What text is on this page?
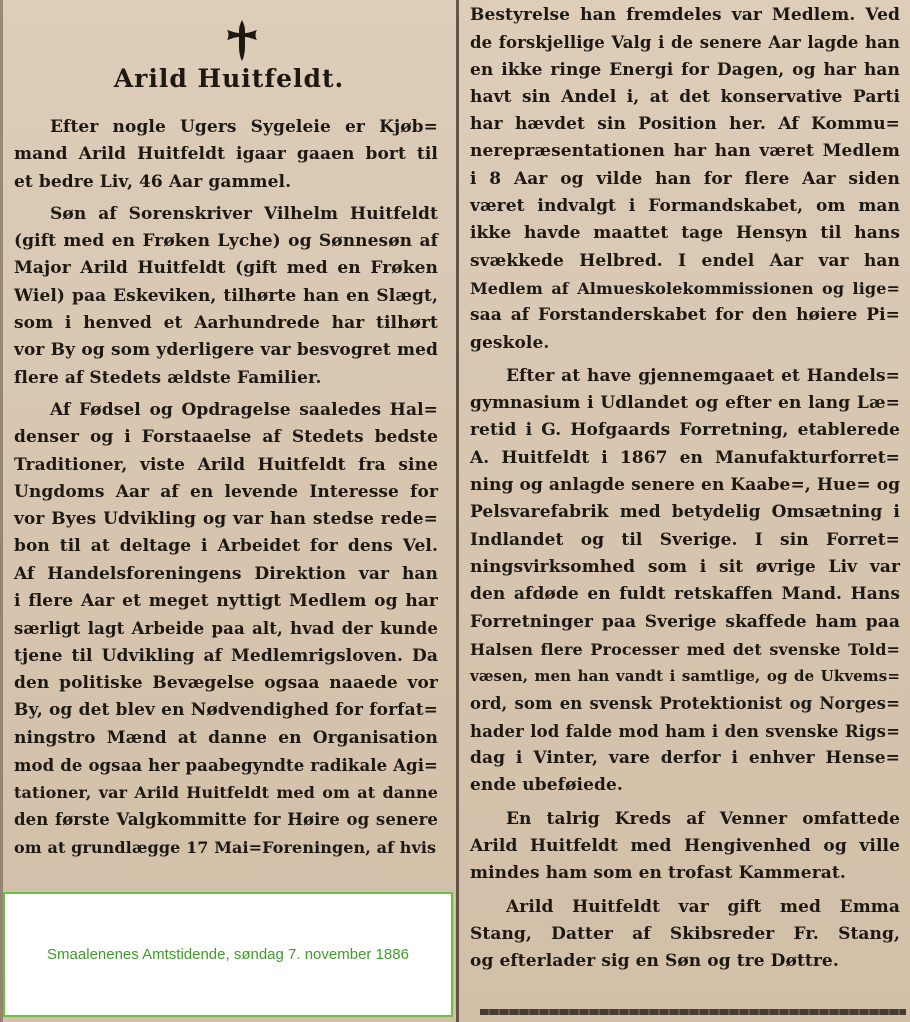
Arild Huitfeldt.
Efter nogle Ugers Sygeleie er Kjøb=
mand Arild Huitfeldt igaar gaaen bort til
et bedre Liv, 46 Aar gammel.
Søn af Sorenskriver Vilhelm Huitfeldt
(gift med en Frøken Lyche) og Sønnesøn af
Major Arild Huitfeldt (gift med en Frøken
Wiel) paa Eskeviken, tilhørte han en Slægt,
som i henved et Aarhundrede har tilhørt
vor By og som yderligere var besvogret med
flere af Stedets ældste Familier.
Af Fødsel og Opdragelse saaledes Hal=
denser og i Forstaaelse af Stedets bedste
Traditioner, viste Arild Huitfeldt fra sine
Ungdoms Aar af en levende Interesse for
vor Byes Udvikling og var han stedse rede=
bon til at deltage i Arbeidet for dens Vel.
Af Handelsforeningens Direktion var han
i flere Aar et meget nyttigt Medlem og har
særligt lagt Arbeide paa alt, hvad der kunde
tjene til Udvikling af Medlemrigsloven. Da
den politiske Bevægelse ogsaa naaede vor
By, og det blev en Nødvendighed for forfat=
ningstro Mænd at danne en Organisation
mod de ogsaa her paabegyndte radikale Agi=
tationer, var Arild Huitfeldt med om at danne
den første Valgkommitte for Høire og senere
om at grundlægge 17 Mai=Foreningen, af hvis
Bestyrelse han fremdeles var Medlem. Ved
de forskjellige Valg i de senere Aar lagde han
en ikke ringe Energi for Dagen, og har han
havt sin Andel i, at det konservative Parti
har hævdet sin Position her. Af Kommu=
nerepræsentationen har han været Medlem
i 8 Aar og vilde han for flere Aar siden
været indvalgt i Formandskabet, om man
ikke havde maattet tage Hensyn til hans
svækkede Helbred. I endel Aar var han
Medlem af Almueskolekommissionen og lige=
saa af Forstanderskabet for den høiere Pi=
geskole.
Efter at have gjennemgaaet et Handels=
gymnasium i Udlandet og efter en lang Læ=
retid i G. Hofgaards Forretning, etablerede
A. Huitfeldt i 1867 en Manufakturforret=
ning og anlagde senere en Kaabe=, Hue= og
Pelsvarefabrik med betydelig Omsætning i
Indlandet og til Sverige. I sin Forret=
ningsvirksomhed som i sit øvrige Liv var
den afdøde en fuldt retskaffen Mand. Hans
Forretninger paa Sverige skaffede ham paa
Halsen flere Processer med det svenske Told=
væsen, men han vandt i samtlige, og de Ukvems=
ord, som en svensk Protektionist og Norges=
hader lod falde mod ham i den svenske Rigs=
dag i Vinter, vare derfor i enhver Hense=
ende ubeføiede.
En talrig Kreds af Venner omfattede
Arild Huitfeldt med Hengivenhed og ville
mindes ham som en trofast Kammerat.
Arild Huitfeldt var gift med Emma
Stang, Datter af Skibsreder Fr. Stang,
og efterlader sig en Søn og tre Døttre.
Smaalenenes Amtstidende, søndag 7. november 1886
